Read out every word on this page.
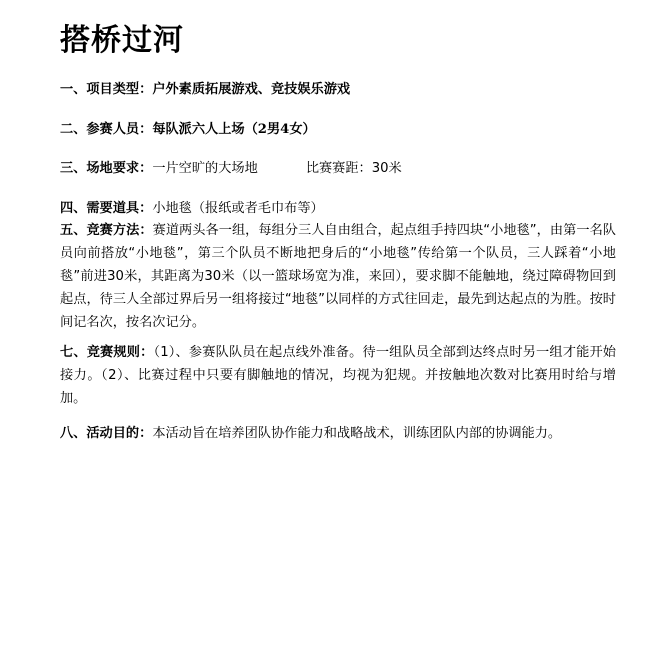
搭桥过河
一、项目类型：户外素质拓展游戏、竞技娱乐游戏
二、参赛人员：每队派六人上场（2男4女）
三、场地要求：一片空旷的大场地	比赛赛距：30米
四、需要道具：小地毯（报纸或者毛巾布等）
五、竞赛方法：赛道两头各一组，每组分三人自由组合，起点组手持四块“小地毯”，由第一名队员向前搭放“小地毯”，第三个队员不断地把身后的“小地毯”传给第一个队员，三人踩着“小地毯”前进30米，其距离为30米（以一篮球场宽为准，来回），要求脚不能触地，绕过障碍物回到起点，待三人全部过界后另一组将接过“地毯”以同样的方式往回走，最先到达起点的为胜。按时间记名次，按名次记分。
七、竞赛规则：（1）、参赛队队员在起点线外准备。待一组队员全部到达终点时另一组才能开始接力。（2）、比赛过程中只要有脚触地的情况，均视为犯规。并按触地次数对比赛用时给与增加。
八、活动目的：本活动旨在培养团队协作能力和战略战术，训练团队内部的协调能力。
